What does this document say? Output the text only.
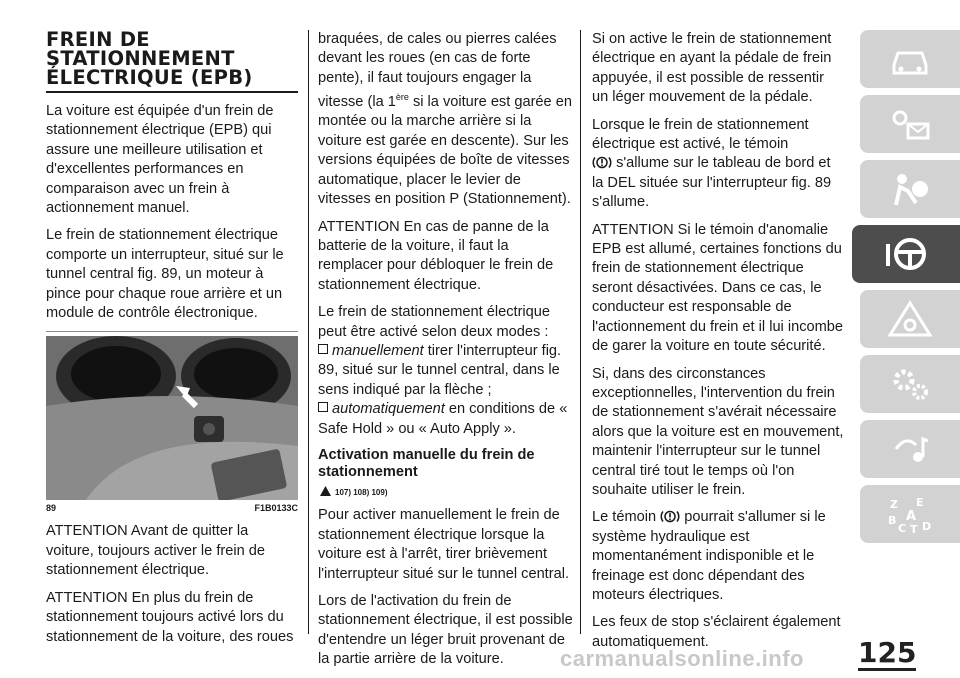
FREIN DE STATIONNEMENT ÉLECTRIQUE (EPB)

La voiture est équipée d'un frein de stationnement électrique (EPB) qui assure une meilleure utilisation et d'excellentes performances en comparaison avec un frein à actionnement manuel.

Le frein de stationnement électrique comporte un interrupteur, situé sur le tunnel central fig. 89, un moteur à pince pour chaque roue arrière et un module de contrôle électronique.

89	F1B0133C

ATTENTION Avant de quitter la voiture, toujours activer le frein de stationnement électrique.

ATTENTION En plus du frein de stationnement toujours activé lors du stationnement de la voiture, des roues

braquées, de cales ou pierres calées devant les roues (en cas de forte pente), il faut toujours engager la vitesse (la 1ère si la voiture est garée en montée ou la marche arrière si la voiture est garée en descente). Sur les versions équipées de boîte de vitesses automatique, placer le levier de vitesses en position P (Stationnement).

ATTENTION En cas de panne de la batterie de la voiture, il faut la remplacer pour débloquer le frein de stationnement électrique.

Le frein de stationnement électrique peut être activé selon deux modes :

manuellement tirer l'interrupteur fig. 89, situé sur le tunnel central, dans le sens indiqué par la flèche ;

automatiquement en conditions de « Safe Hold » ou « Auto Apply ».

Activation manuelle du frein de stationnement
107) 108) 109)

Pour activer manuellement le frein de stationnement électrique lorsque la voiture est à l'arrêt, tirer brièvement l'interrupteur situé sur le tunnel central.

Lors de l'activation du frein de stationnement électrique, il est possible d'entendre un léger bruit provenant de la partie arrière de la voiture.

Si on active le frein de stationnement électrique en ayant la pédale de frein appuyée, il est possible de ressentir un léger mouvement de la pédale.

Lorsque le frein de stationnement électrique est activé, le témoin
s'allume sur le tableau de bord et la DEL située sur l'interrupteur fig. 89 s'allume.

ATTENTION Si le témoin d'anomalie EPB est allumé, certaines fonctions du frein de stationnement électrique seront désactivées. Dans ce cas, le conducteur est responsable de l'actionnement du frein et il lui incombe de garer la voiture en toute sécurité.

Si, dans des circonstances exceptionnelles, l'intervention du frein de stationnement s'avérait nécessaire alors que la voiture est en mouvement, maintenir l'interrupteur sur le tunnel central tiré tout le temps où l'on souhaite utiliser le frein.

Le témoin pourrait s'allumer si le système hydraulique est momentanément indisponible et le freinage est donc dépendant des moteurs électriques.

Les feux de stop s'éclairent également automatiquement.

Z E
B A
C T D
carmanualsonline.info 125
